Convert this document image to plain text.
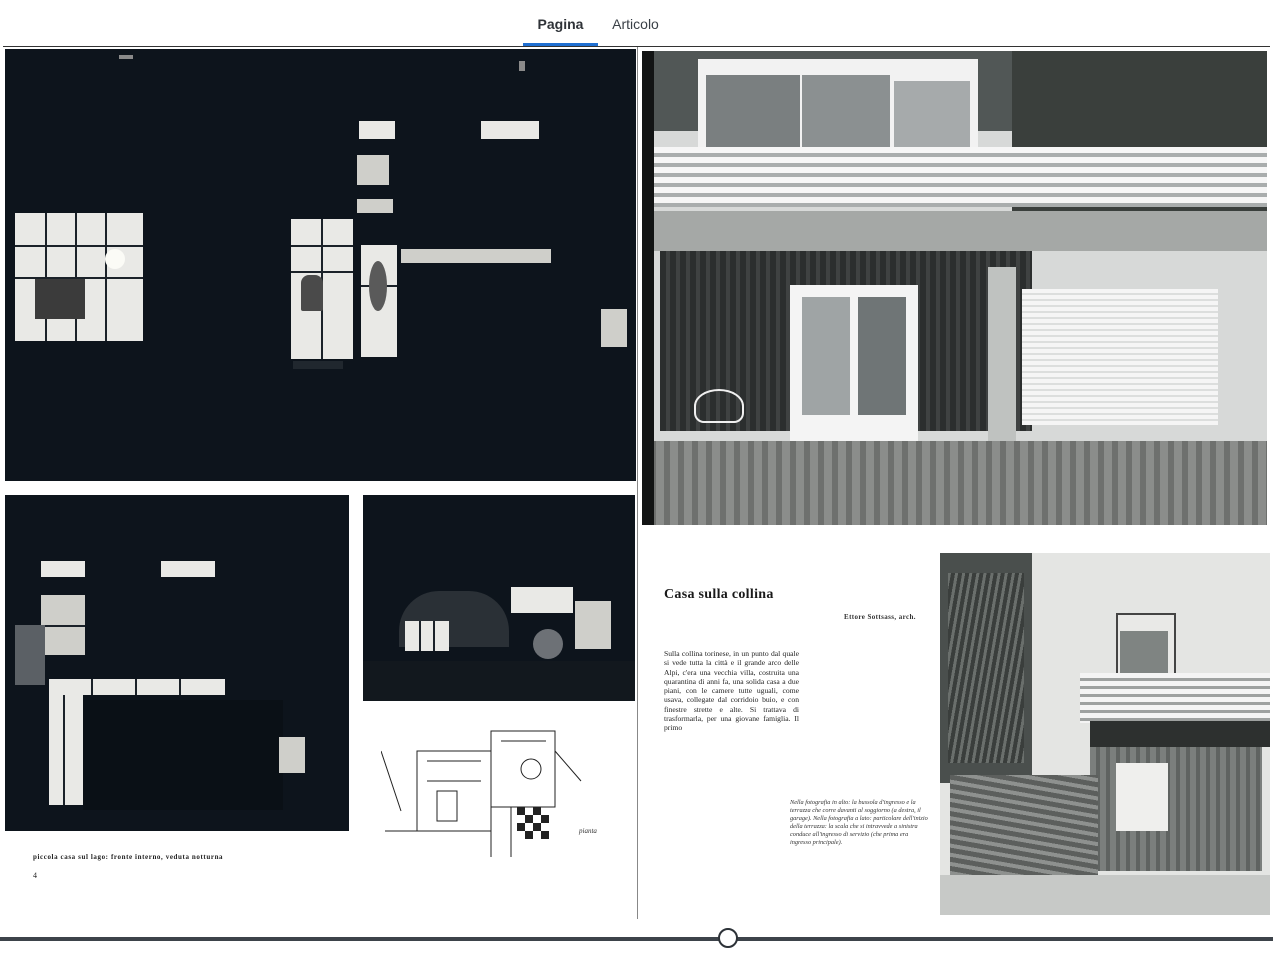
Pagina Articolo
pianta
piccola casa sul lago: fronte interno, veduta notturna
4
Casa sulla collina
Ettore Sottsass, arch.
Sulla collina torinese, in un punto dal quale si vede tutta la città e il grande arco delle Alpi, c'era una vecchia villa, costruita una quarantina di anni fa, una solida casa a due piani, con le camere tutte uguali, come usava, collegate dal corridoio buio, e con finestre strette e alte. Si trattava di trasformarla, per una giovane famiglia. Il primo
Nella fotografia in alto: la bussola d'ingresso e la terrazza che corre davanti al soggiorno (a destra, il garage). Nella fotografia a lato: particolare dell'inizio della terrazza: la scala che si intravvede a sinistra conduce all'ingresso di servizio (che prima era ingresso principale).
